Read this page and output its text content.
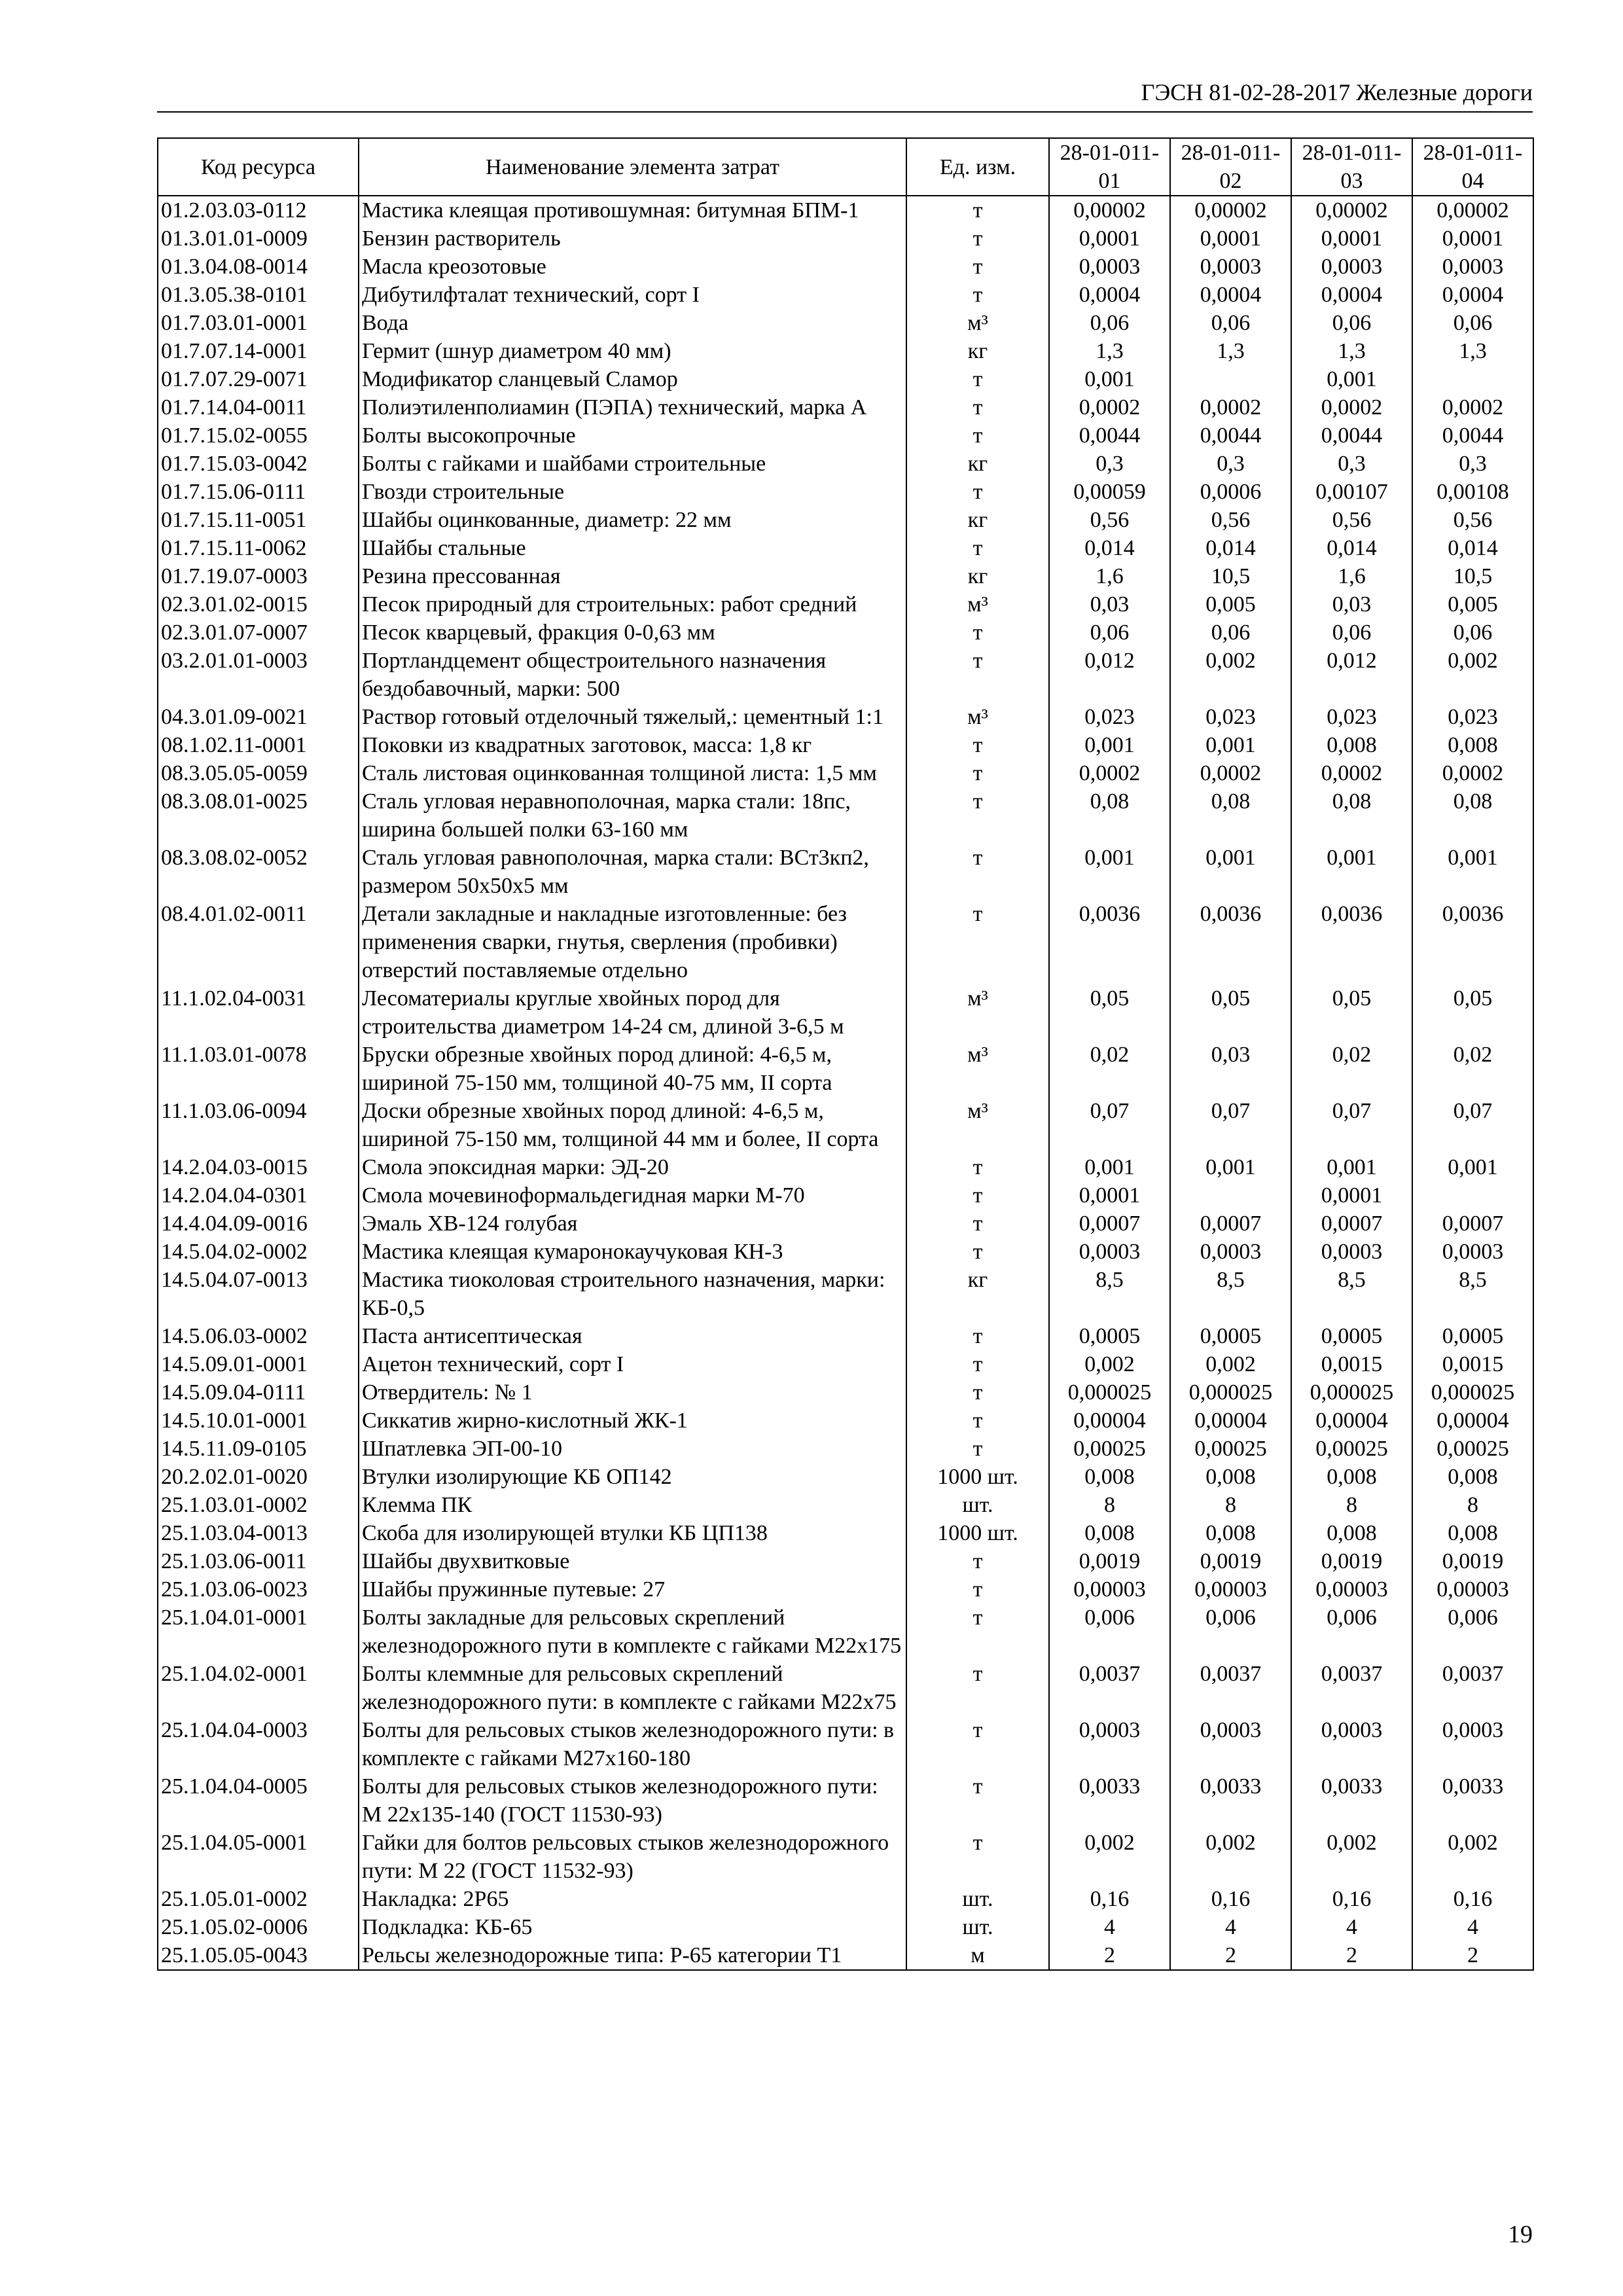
ГЭСН 81-02-28-2017 Железные дороги
Код ресурса	Наименование элемента затрат	Ед. изм.	28-01-011-01	28-01-011-02	28-01-011-03	28-01-011-04
01.2.03.03-0112	Мастика клеящая противошумная: битумная БПМ-1	т	0,00002	0,00002	0,00002	0,00002
01.3.01.01-0009	Бензин растворитель	т	0,0001	0,0001	0,0001	0,0001
01.3.04.08-0014	Масла креозотовые	т	0,0003	0,0003	0,0003	0,0003
01.3.05.38-0101	Дибутилфталат технический, сорт I	т	0,0004	0,0004	0,0004	0,0004
01.7.03.01-0001	Вода	м³	0,06	0,06	0,06	0,06
01.7.07.14-0001	Гермит (шнур диаметром 40 мм)	кг	1,3	1,3	1,3	1,3
01.7.07.29-0071	Модификатор сланцевый Сламор	т	0,001		0,001	
01.7.14.04-0011	Полиэтиленполиамин (ПЭПА) технический, марка А	т	0,0002	0,0002	0,0002	0,0002
01.7.15.02-0055	Болты высокопрочные	т	0,0044	0,0044	0,0044	0,0044
01.7.15.03-0042	Болты с гайками и шайбами строительные	кг	0,3	0,3	0,3	0,3
01.7.15.06-0111	Гвозди строительные	т	0,00059	0,0006	0,00107	0,00108
01.7.15.11-0051	Шайбы оцинкованные, диаметр: 22 мм	кг	0,56	0,56	0,56	0,56
01.7.15.11-0062	Шайбы стальные	т	0,014	0,014	0,014	0,014
01.7.19.07-0003	Резина прессованная	кг	1,6	10,5	1,6	10,5
02.3.01.02-0015	Песок природный для строительных: работ средний	м³	0,03	0,005	0,03	0,005
02.3.01.07-0007	Песок кварцевый, фракция 0-0,63 мм	т	0,06	0,06	0,06	0,06
03.2.01.01-0003	Портландцемент общестроительного назначения бездобавочный, марки: 500	т	0,012	0,002	0,012	0,002
04.3.01.09-0021	Раствор готовый отделочный тяжелый,: цементный 1:1	м³	0,023	0,023	0,023	0,023
08.1.02.11-0001	Поковки из квадратных заготовок, масса: 1,8 кг	т	0,001	0,001	0,008	0,008
08.3.05.05-0059	Сталь листовая оцинкованная толщиной листа: 1,5 мм	т	0,0002	0,0002	0,0002	0,0002
08.3.08.01-0025	Сталь угловая неравнополочная, марка стали: 18пс, ширина большей полки 63-160 мм	т	0,08	0,08	0,08	0,08
08.3.08.02-0052	Сталь угловая равнополочная, марка стали: ВСт3кп2, размером 50х50х5 мм	т	0,001	0,001	0,001	0,001
08.4.01.02-0011	Детали закладные и накладные изготовленные: без применения сварки, гнутья, сверления (пробивки) отверстий поставляемые отдельно	т	0,0036	0,0036	0,0036	0,0036
11.1.02.04-0031	Лесоматериалы круглые хвойных пород для строительства диаметром 14-24 см, длиной 3-6,5 м	м³	0,05	0,05	0,05	0,05
11.1.03.01-0078	Бруски обрезные хвойных пород длиной: 4-6,5 м, шириной 75-150 мм, толщиной 40-75 мм, II сорта	м³	0,02	0,03	0,02	0,02
11.1.03.06-0094	Доски обрезные хвойных пород длиной: 4-6,5 м, шириной 75-150 мм, толщиной 44 мм и более, II сорта	м³	0,07	0,07	0,07	0,07
14.2.04.03-0015	Смола эпоксидная марки: ЭД-20	т	0,001	0,001	0,001	0,001
14.2.04.04-0301	Смола мочевиноформальдегидная марки М-70	т	0,0001		0,0001	
14.4.04.09-0016	Эмаль ХВ-124 голубая	т	0,0007	0,0007	0,0007	0,0007
14.5.04.02-0002	Мастика клеящая кумаронокаучуковая КН-3	т	0,0003	0,0003	0,0003	0,0003
14.5.04.07-0013	Мастика тиоколовая строительного назначения, марки: КБ-0,5	кг	8,5	8,5	8,5	8,5
14.5.06.03-0002	Паста антисептическая	т	0,0005	0,0005	0,0005	0,0005
14.5.09.01-0001	Ацетон технический, сорт I	т	0,002	0,002	0,0015	0,0015
14.5.09.04-0111	Отвердитель: № 1	т	0,000025	0,000025	0,000025	0,000025
14.5.10.01-0001	Сиккатив жирно-кислотный ЖК-1	т	0,00004	0,00004	0,00004	0,00004
14.5.11.09-0105	Шпатлевка ЭП-00-10	т	0,00025	0,00025	0,00025	0,00025
20.2.02.01-0020	Втулки изолирующие КБ ОП142	1000 шт.	0,008	0,008	0,008	0,008
25.1.03.01-0002	Клемма ПК	шт.	8	8	8	8
25.1.03.04-0013	Скоба для изолирующей втулки КБ ЦП138	1000 шт.	0,008	0,008	0,008	0,008
25.1.03.06-0011	Шайбы двухвитковые	т	0,0019	0,0019	0,0019	0,0019
25.1.03.06-0023	Шайбы пружинные путевые: 27	т	0,00003	0,00003	0,00003	0,00003
25.1.04.01-0001	Болты закладные для рельсовых скреплений железнодорожного пути в комплекте с гайками М22х175	т	0,006	0,006	0,006	0,006
25.1.04.02-0001	Болты клеммные для рельсовых скреплений железнодорожного пути: в комплекте с гайками М22х75	т	0,0037	0,0037	0,0037	0,0037
25.1.04.04-0003	Болты для рельсовых стыков железнодорожного пути: в комплекте с гайками М27х160-180	т	0,0003	0,0003	0,0003	0,0003
25.1.04.04-0005	Болты для рельсовых стыков железнодорожного пути: М 22х135-140 (ГОСТ 11530-93)	т	0,0033	0,0033	0,0033	0,0033
25.1.04.05-0001	Гайки для болтов рельсовых стыков железнодорожного пути: М 22 (ГОСТ 11532-93)	т	0,002	0,002	0,002	0,002
25.1.05.01-0002	Накладка: 2Р65	шт.	0,16	0,16	0,16	0,16
25.1.05.02-0006	Подкладка: КБ-65	шт.	4	4	4	4
25.1.05.05-0043	Рельсы железнодорожные типа: Р-65 категории Т1	м	2	2	2	2
19
